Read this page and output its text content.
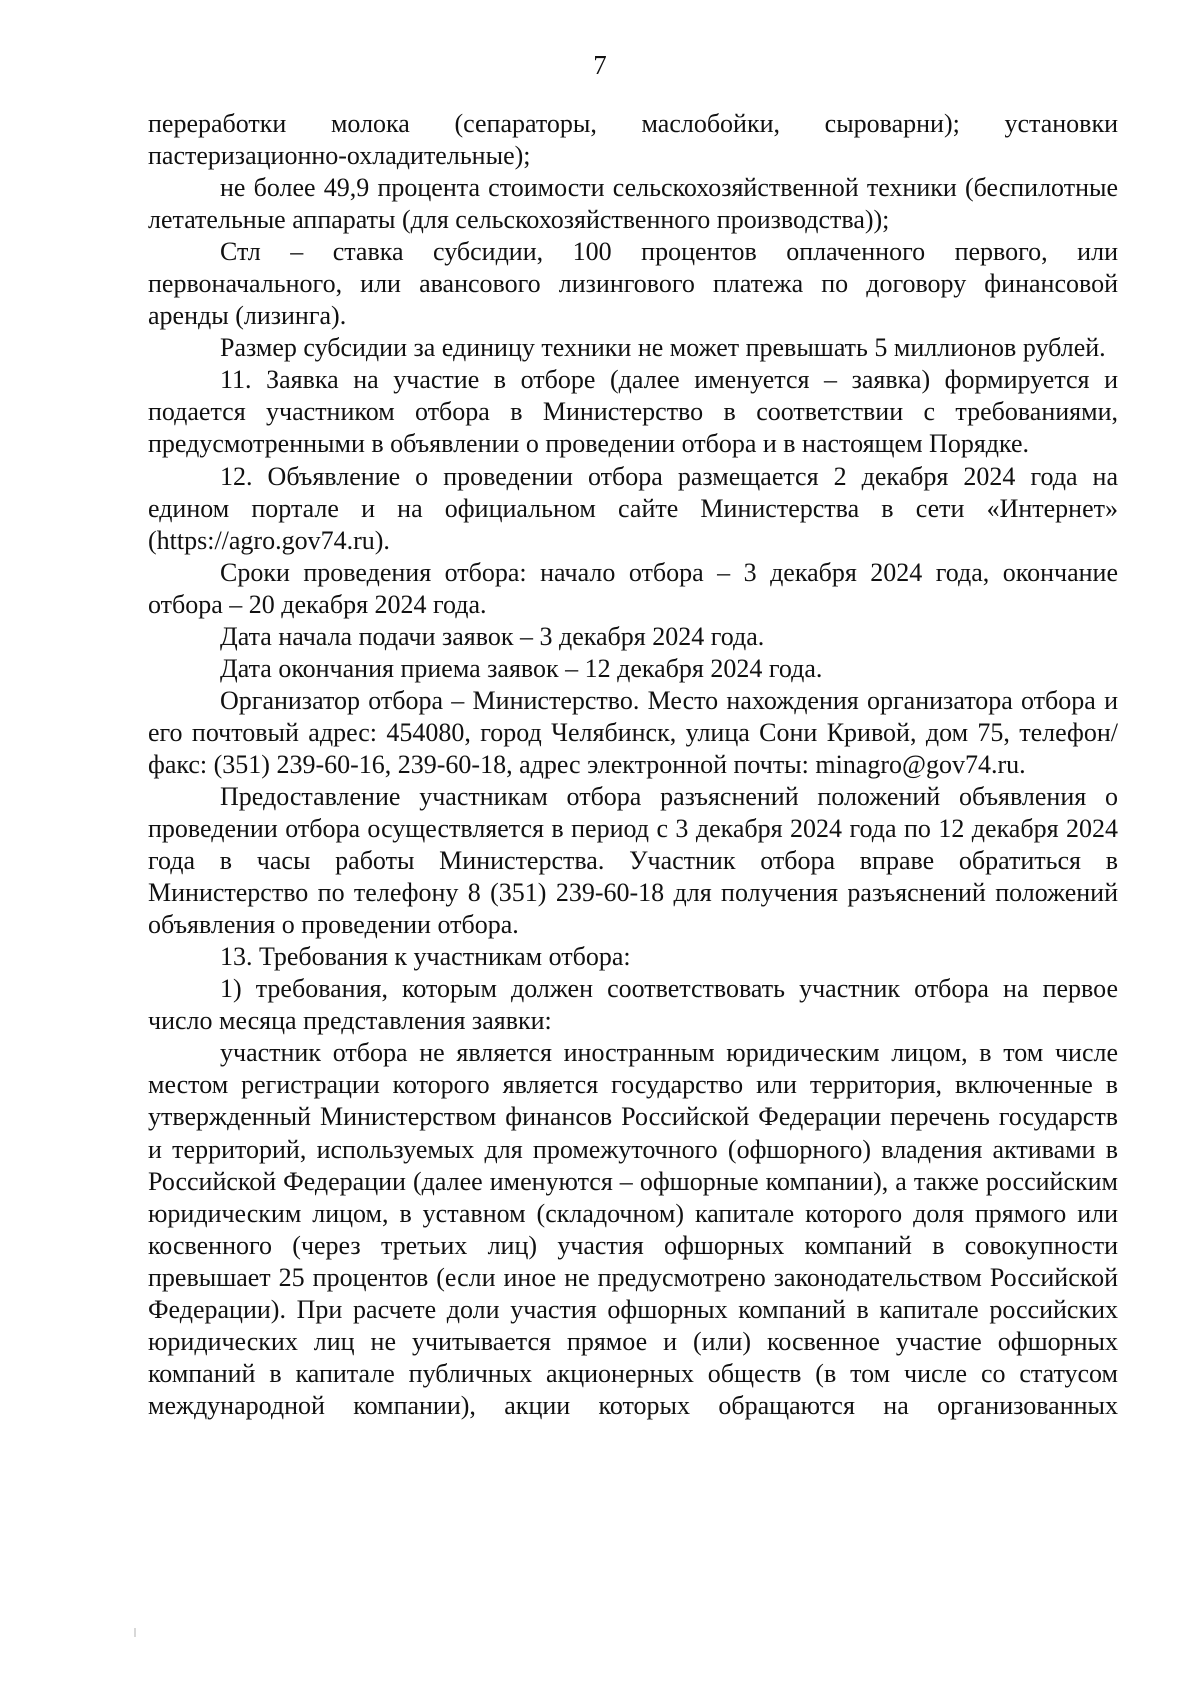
7

переработки молока (сепараторы, маслобойки, сыроварни); установки пастеризационно-охладительные);

не более 49,9 процента стоимости сельскохозяйственной техники (беспилотные летательные аппараты (для сельскохозяйственного производства));

Стл – ставка субсидии, 100 процентов оплаченного первого, или первоначального, или авансового лизингового платежа по договору финансовой аренды (лизинга).

Размер субсидии за единицу техники не может превышать 5 миллионов рублей.

11. Заявка на участие в отборе (далее именуется – заявка) формируется и подается участником отбора в Министерство в соответствии с требованиями, предусмотренными в объявлении о проведении отбора и в настоящем Порядке.

12. Объявление о проведении отбора размещается 2 декабря 2024 года на едином портале и на официальном сайте Министерства в сети «Интернет» (https://agro.gov74.ru).

Сроки проведения отбора: начало отбора – 3 декабря 2024 года, окончание отбора – 20 декабря 2024 года.

Дата начала подачи заявок – 3 декабря 2024 года.

Дата окончания приема заявок – 12 декабря 2024 года.

Организатор отбора – Министерство. Место нахождения организатора отбора и его почтовый адрес: 454080, город Челябинск, улица Сони Кривой, дом 75, телефон/факс: (351) 239-60-16, 239-60-18, адрес электронной почты: minagro@gov74.ru.

Предоставление участникам отбора разъяснений положений объявления о проведении отбора осуществляется в период с 3 декабря 2024 года по 12 декабря 2024 года в часы работы Министерства. Участник отбора вправе обратиться в Министерство по телефону 8 (351) 239-60-18 для получения разъяснений положений объявления о проведении отбора.

13. Требования к участникам отбора:

1) требования, которым должен соответствовать участник отбора на первое число месяца представления заявки:

участник отбора не является иностранным юридическим лицом, в том числе местом регистрации которого является государство или территория, включенные в утвержденный Министерством финансов Российской Федерации перечень государств и территорий, используемых для промежуточного (офшорного) владения активами в Российской Федерации (далее именуются – офшорные компании), а также российским юридическим лицом, в уставном (складочном) капитале которого доля прямого или косвенного (через третьих лиц) участия офшорных компаний в совокупности превышает 25 процентов (если иное не предусмотрено законодательством Российской Федерации). При расчете доли участия офшорных компаний в капитале российских юридических лиц не учитывается прямое и (или) косвенное участие офшорных компаний в капитале публичных акционерных обществ (в том числе со статусом международной компании), акции которых обращаются на организованных
